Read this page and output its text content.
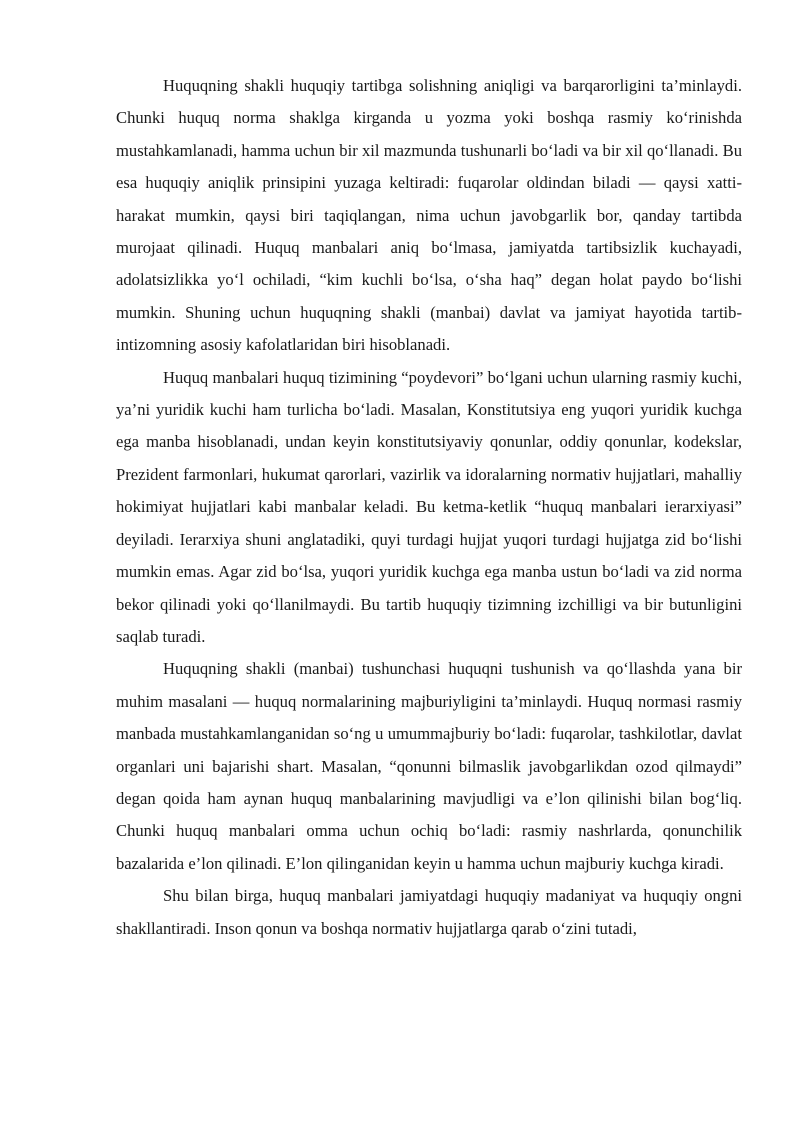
Huquqning shakli huquqiy tartibga solishning aniqligi va barqarorligini ta’minlaydi. Chunki huquq norma shaklga kirganda u yozma yoki boshqa rasmiy ko‘rinishda mustahkamlanadi, hamma uchun bir xil mazmunda tushunarli bo‘ladi va bir xil qo‘llanadi. Bu esa huquqiy aniqlik prinsipini yuzaga keltiradi: fuqarolar oldindan biladi — qaysi xatti-harakat mumkin, qaysi biri taqiqlangan, nima uchun javobgarlik bor, qanday tartibda murojaat qilinadi. Huquq manbalari aniq bo‘lmasa, jamiyatda tartibsizlik kuchayadi, adolatsizlikka yo‘l ochiladi, “kim kuchli bo‘lsa, o‘sha haq” degan holat paydo bo‘lishi mumkin. Shuning uchun huquqning shakli (manbai) davlat va jamiyat hayotida tartib-intizomning asosiy kafolatlaridan biri hisoblanadi.

Huquq manbalari huquq tizimining “poydevori” bo‘lgani uchun ularning rasmiy kuchi, ya’ni yuridik kuchi ham turlicha bo‘ladi. Masalan, Konstitutsiya eng yuqori yuridik kuchga ega manba hisoblanadi, undan keyin konstitutsiyaviy qonunlar, oddiy qonunlar, kodekslar, Prezident farmonlari, hukumat qarorlari, vazirlik va idoralarning normativ hujjatlari, mahalliy hokimiyat hujjatlari kabi manbalar keladi. Bu ketma-ketlik “huquq manbalari ierarxiyasi” deyiladi. Ierarxiya shuni anglatadiki, quyi turdagi hujjat yuqori turdagi hujjatga zid bo‘lishi mumkin emas. Agar zid bo‘lsa, yuqori yuridik kuchga ega manba ustun bo‘ladi va zid norma bekor qilinadi yoki qo‘llanilmaydi. Bu tartib huquqiy tizimning izchilligi va bir butunligini saqlab turadi.

Huquqning shakli (manbai) tushunchasi huquqni tushunish va qo‘llashda yana bir muhim masalani — huquq normalarining majburiyligini ta’minlaydi. Huquq normasi rasmiy manbada mustahkamlanganidan so‘ng u umummajburiy bo‘ladi: fuqarolar, tashkilotlar, davlat organlari uni bajarishi shart. Masalan, “qonunni bilmaslik javobgarlikdan ozod qilmaydi” degan qoida ham aynan huquq manbalarining mavjudligi va e’lon qilinishi bilan bog‘liq. Chunki huquq manbalari omma uchun ochiq bo‘ladi: rasmiy nashrlarda, qonunchilik bazalarida e’lon qilinadi. E’lon qilinganidan keyin u hamma uchun majburiy kuchga kiradi.

Shu bilan birga, huquq manbalari jamiyatdagi huquqiy madaniyat va huquqiy ongni shakllantiradi. Inson qonun va boshqa normativ hujjatlarga qarab o‘zini tutadi,
